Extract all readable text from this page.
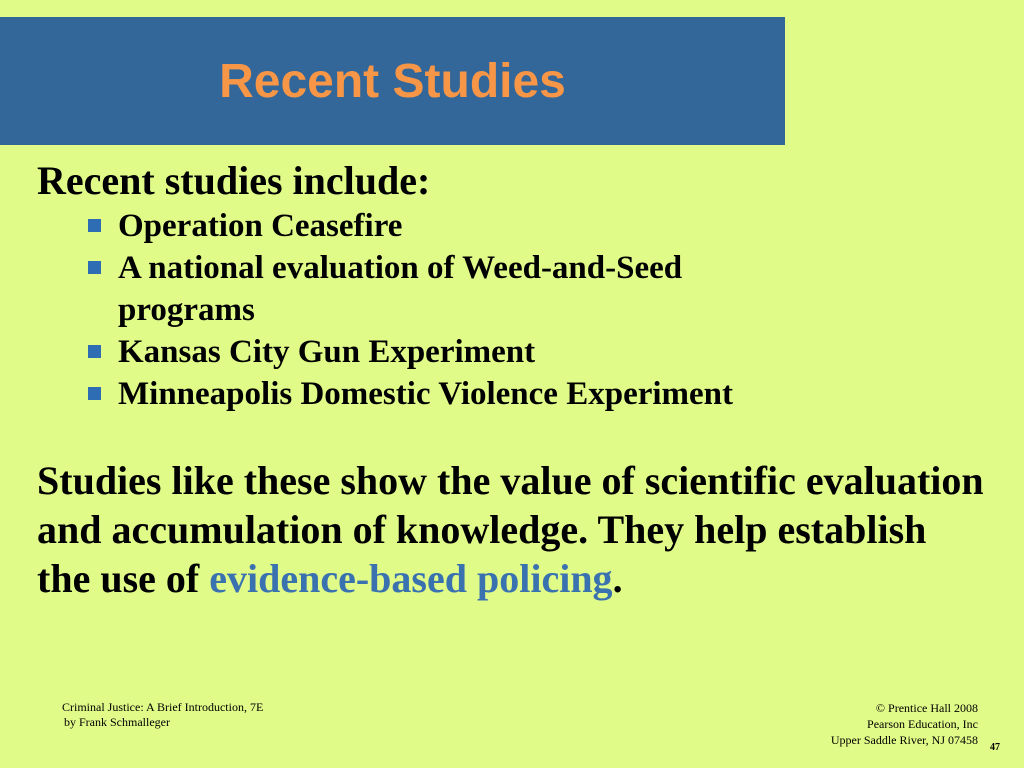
Recent Studies
Recent studies include:
Operation Ceasefire
A national evaluation of Weed-and-Seed
programs
Kansas City Gun Experiment
Minneapolis Domestic Violence Experiment
Studies like these show the value of scientific evaluation and accumulation of knowledge. They help establish the use of evidence-based policing.
Criminal Justice: A Brief Introduction, 7E
by Frank Schmalleger
© Prentice Hall 2008
Pearson Education, Inc
Upper Saddle River, NJ 07458
47
